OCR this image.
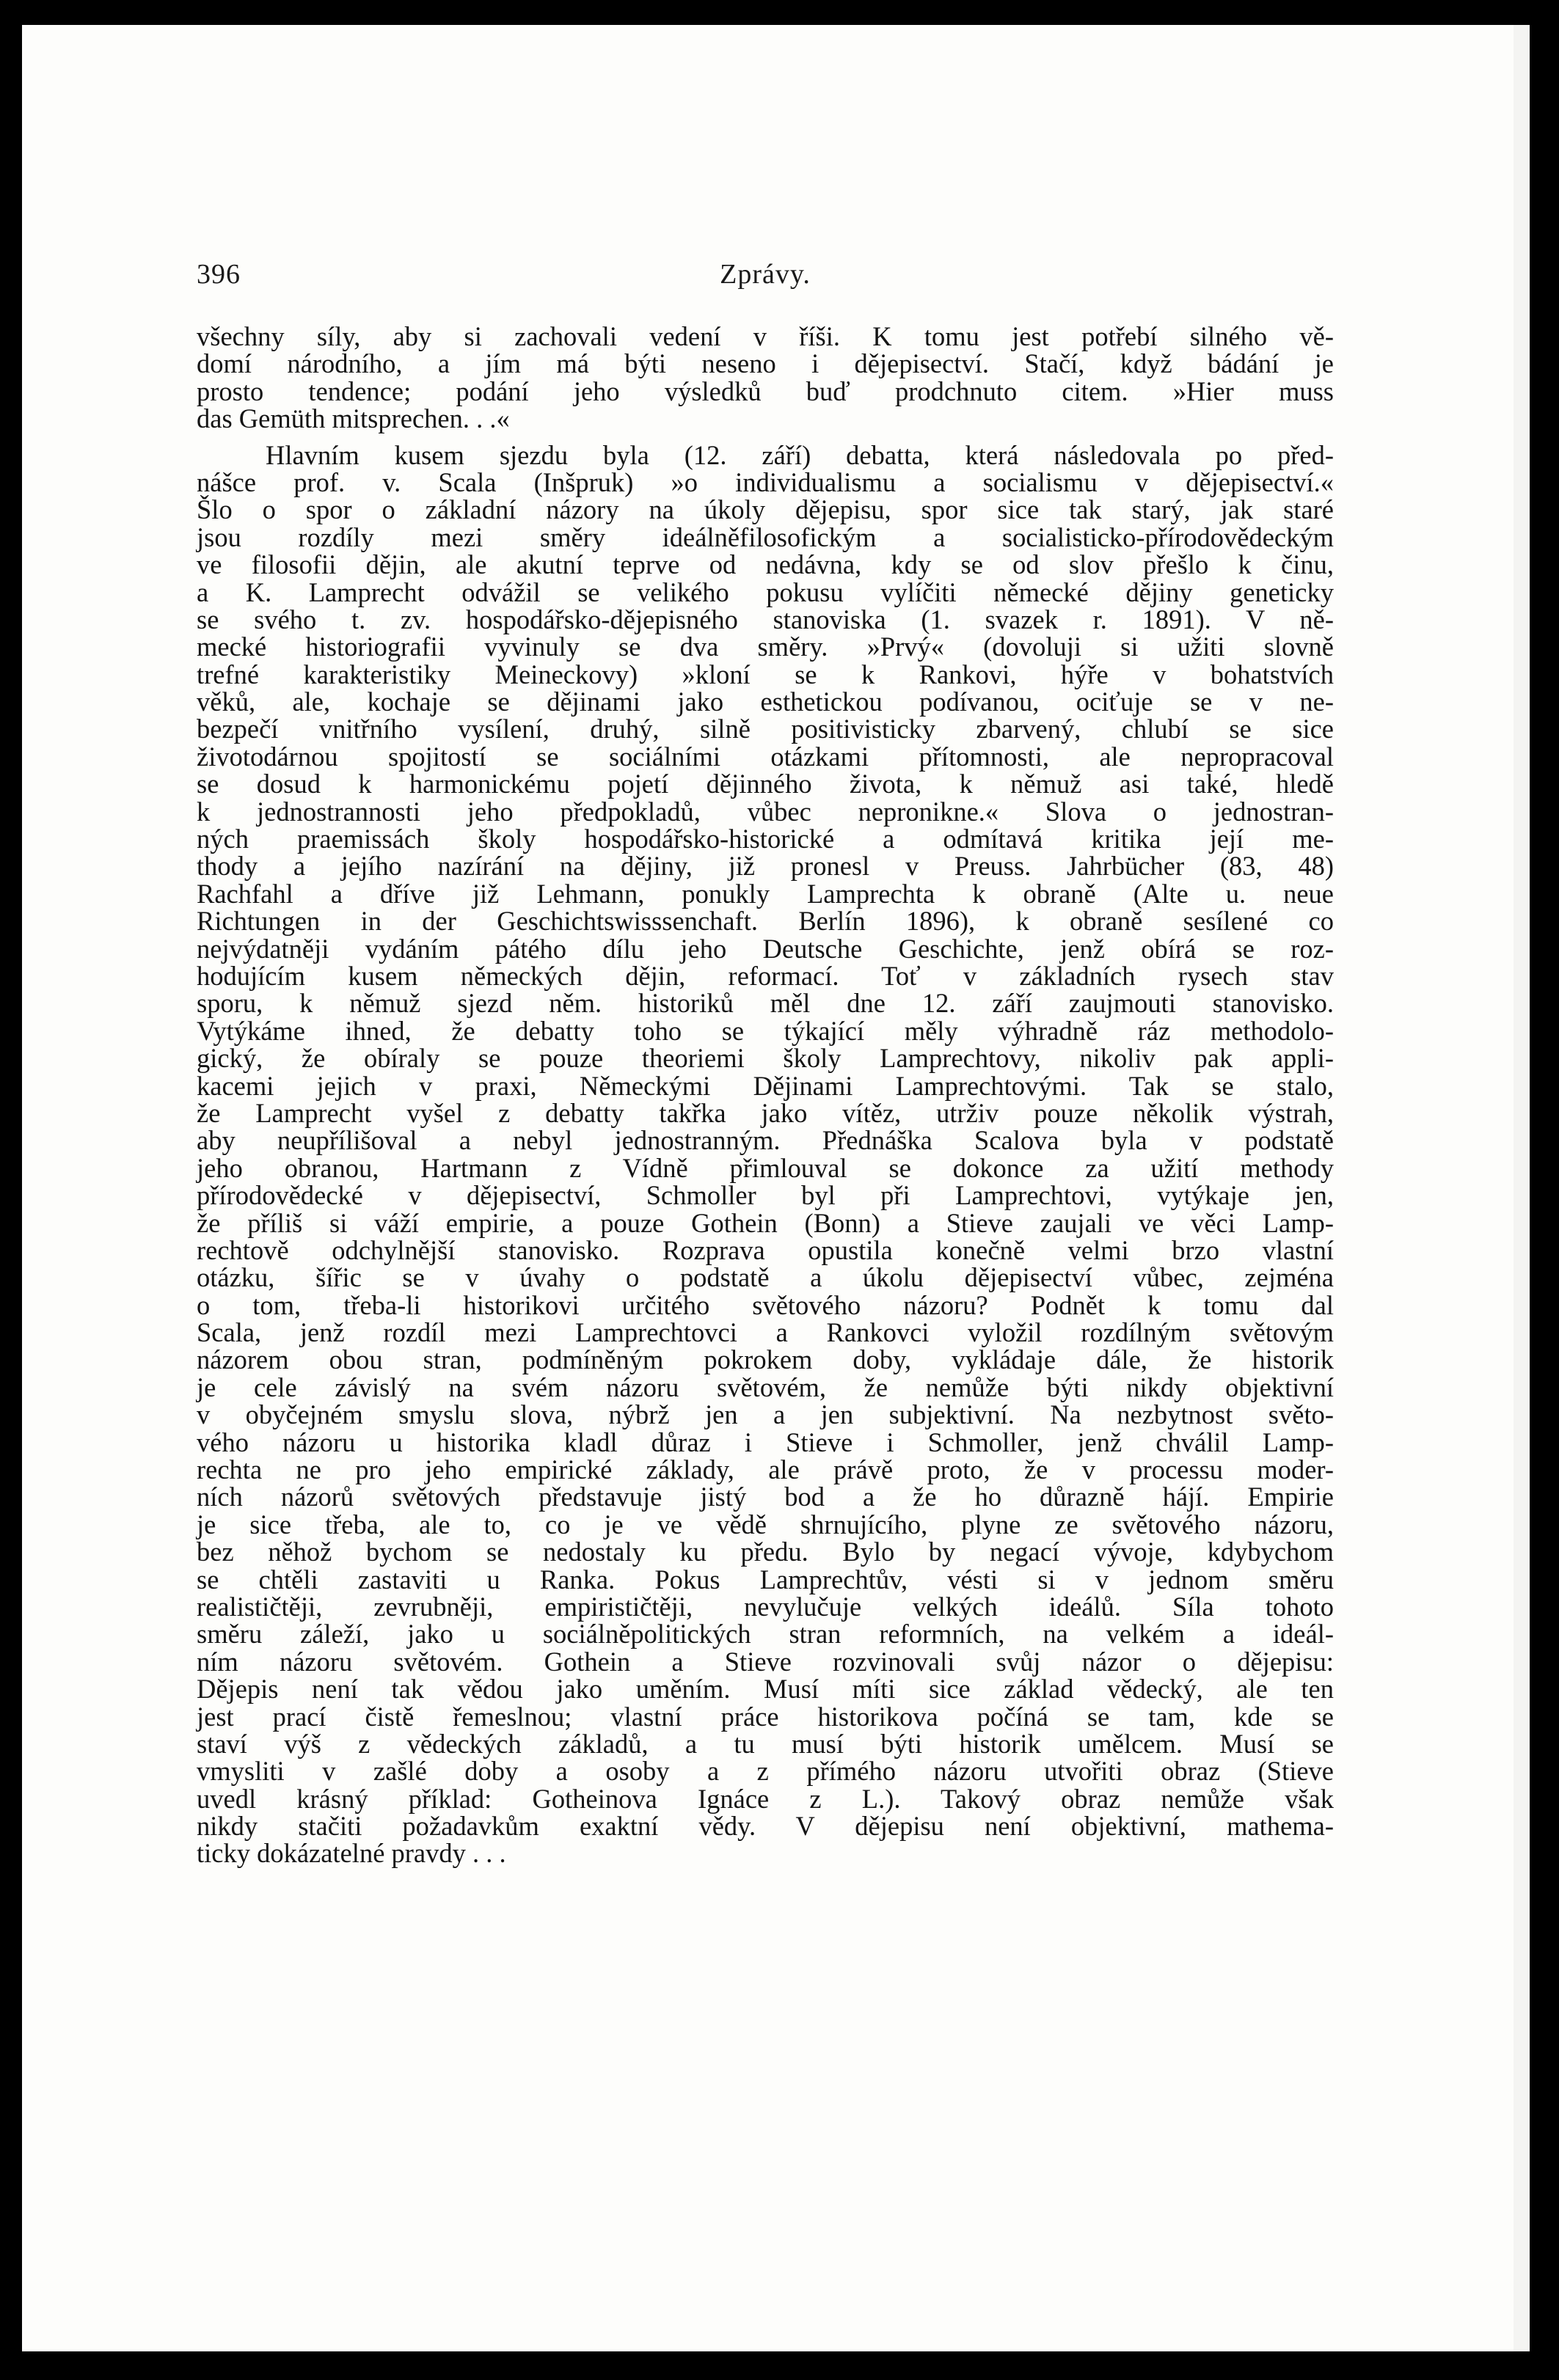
396	Zprávy.
všechny síly, aby si zachovali vedení v říši. K tomu jest potřebí silného vě-
domí národního, a jím má býti neseno i dějepisectví. Stačí, když bádání je
prosto tendence; podání jeho výsledků buď prodchnuto citem. »Hier muss
das Gemüth mitsprechen. . .«
Hlavním kusem sjezdu byla (12. září) debatta, která následovala po před-
nášce prof. v. Scala (Inšpruk) »o individualismu a socialismu v dějepisectví.«
Šlo o spor o základní názory na úkoly dějepisu, spor sice tak starý, jak staré
jsou rozdíly mezi směry ideálněfilosofickým a socialisticko-přírodovědeckým
ve filosofii dějin, ale akutní teprve od nedávna, kdy se od slov přešlo k činu,
a K. Lamprecht odvážil se velikého pokusu vylíčiti německé dějiny geneticky
se svého t. zv. hospodářsko-dějepisného stanoviska (1. svazek r. 1891). V ně-
mecké historiografii vyvinuly se dva směry. »Prvý« (dovoluji si užiti slovně
trefné karakteristiky Meineckovy) »kloní se k Rankovi, hýře v bohatstvích
věků, ale, kochaje se dějinami jako esthetickou podívanou, ociťuje se v ne-
bezpečí vnitřního vysílení, druhý, silně positivisticky zbarvený, chlubí se sice
životodárnou spojitostí se sociálními otázkami přítomnosti, ale nepropracoval
se dosud k harmonickému pojetí dějinného života, k němuž asi také, hledě
k jednostrannosti jeho předpokladů, vůbec nepronikne.« Slova o jednostran-
ných praemissách školy hospodářsko-historické a odmítavá kritika její me-
thody a jejího nazírání na dějiny, již pronesl v Preuss. Jahrbücher (83, 48)
Rachfahl a dříve již Lehmann, ponukly Lamprechta k obraně (Alte u. neue
Richtungen in der Geschichtswisssenchaft. Berlín 1896), k obraně sesílené co
nejvýdatněji vydáním pátého dílu jeho Deutsche Geschichte, jenž obírá se roz-
hodujícím kusem německých dějin, reformací. Toť v základních rysech stav
sporu, k němuž sjezd něm. historiků měl dne 12. září zaujmouti stanovisko.
Vytýkáme ihned, že debatty toho se týkající měly výhradně ráz methodolo-
gický, že obíraly se pouze theoriemi školy Lamprechtovy, nikoliv pak appli-
kacemi jejich v praxi, Německými Dějinami Lamprechtovými. Tak se stalo,
že Lamprecht vyšel z debatty takřka jako vítěz, utrživ pouze několik výstrah,
aby neupřílišoval a nebyl jednostranným. Přednáška Scalova byla v podstatě
jeho obranou, Hartmann z Vídně přimlouval se dokonce za užití methody
přírodovědecké v dějepisectví, Schmoller byl při Lamprechtovi, vytýkaje jen,
že příliš si váží empirie, a pouze Gothein (Bonn) a Stieve zaujali ve věci Lamp-
rechtově odchylnější stanovisko. Rozprava opustila konečně velmi brzo vlastní
otázku, šířic se v úvahy o podstatě a úkolu dějepisectví vůbec, zejména
o tom, třeba-li historikovi určitého světového názoru? Podnět k tomu dal
Scala, jenž rozdíl mezi Lamprechtovci a Rankovci vyložil rozdílným světovým
názorem obou stran, podmíněným pokrokem doby, vykládaje dále, že historik
je cele závislý na svém názoru světovém, že nemůže býti nikdy objektivní
v obyčejném smyslu slova, nýbrž jen a jen subjektivní. Na nezbytnost světo-
vého názoru u historika kladl důraz i Stieve i Schmoller, jenž chválil Lamp-
rechta ne pro jeho empirické základy, ale právě proto, že v processu moder-
ních názorů světových představuje jistý bod a že ho důrazně hájí. Empirie
je sice třeba, ale to, co je ve vědě shrnujícího, plyne ze světového názoru,
bez něhož bychom se nedostaly ku předu. Bylo by negací vývoje, kdybychom
se chtěli zastaviti u Ranka. Pokus Lamprechtův, vésti si v jednom směru
realističtěji, zevrubněji, empirističtěji, nevylučuje velkých ideálů. Síla tohoto
směru záleží, jako u sociálněpolitických stran reformních, na velkém a ideál-
ním názoru světovém. Gothein a Stieve rozvinovali svůj názor o dějepisu:
Dějepis není tak vědou jako uměním. Musí míti sice základ vědecký, ale ten
jest prací čistě řemeslnou; vlastní práce historikova počíná se tam, kde se
staví výš z vědeckých základů, a tu musí býti historik umělcem. Musí se
vmysliti v zašlé doby a osoby a z přímého názoru utvořiti obraz (Stieve
uvedl krásný příklad: Gotheinova Ignáce z L.). Takový obraz nemůže však
nikdy stačiti požadavkům exaktní vědy. V dějepisu není objektivní, mathema-
ticky dokázatelné pravdy . . .
